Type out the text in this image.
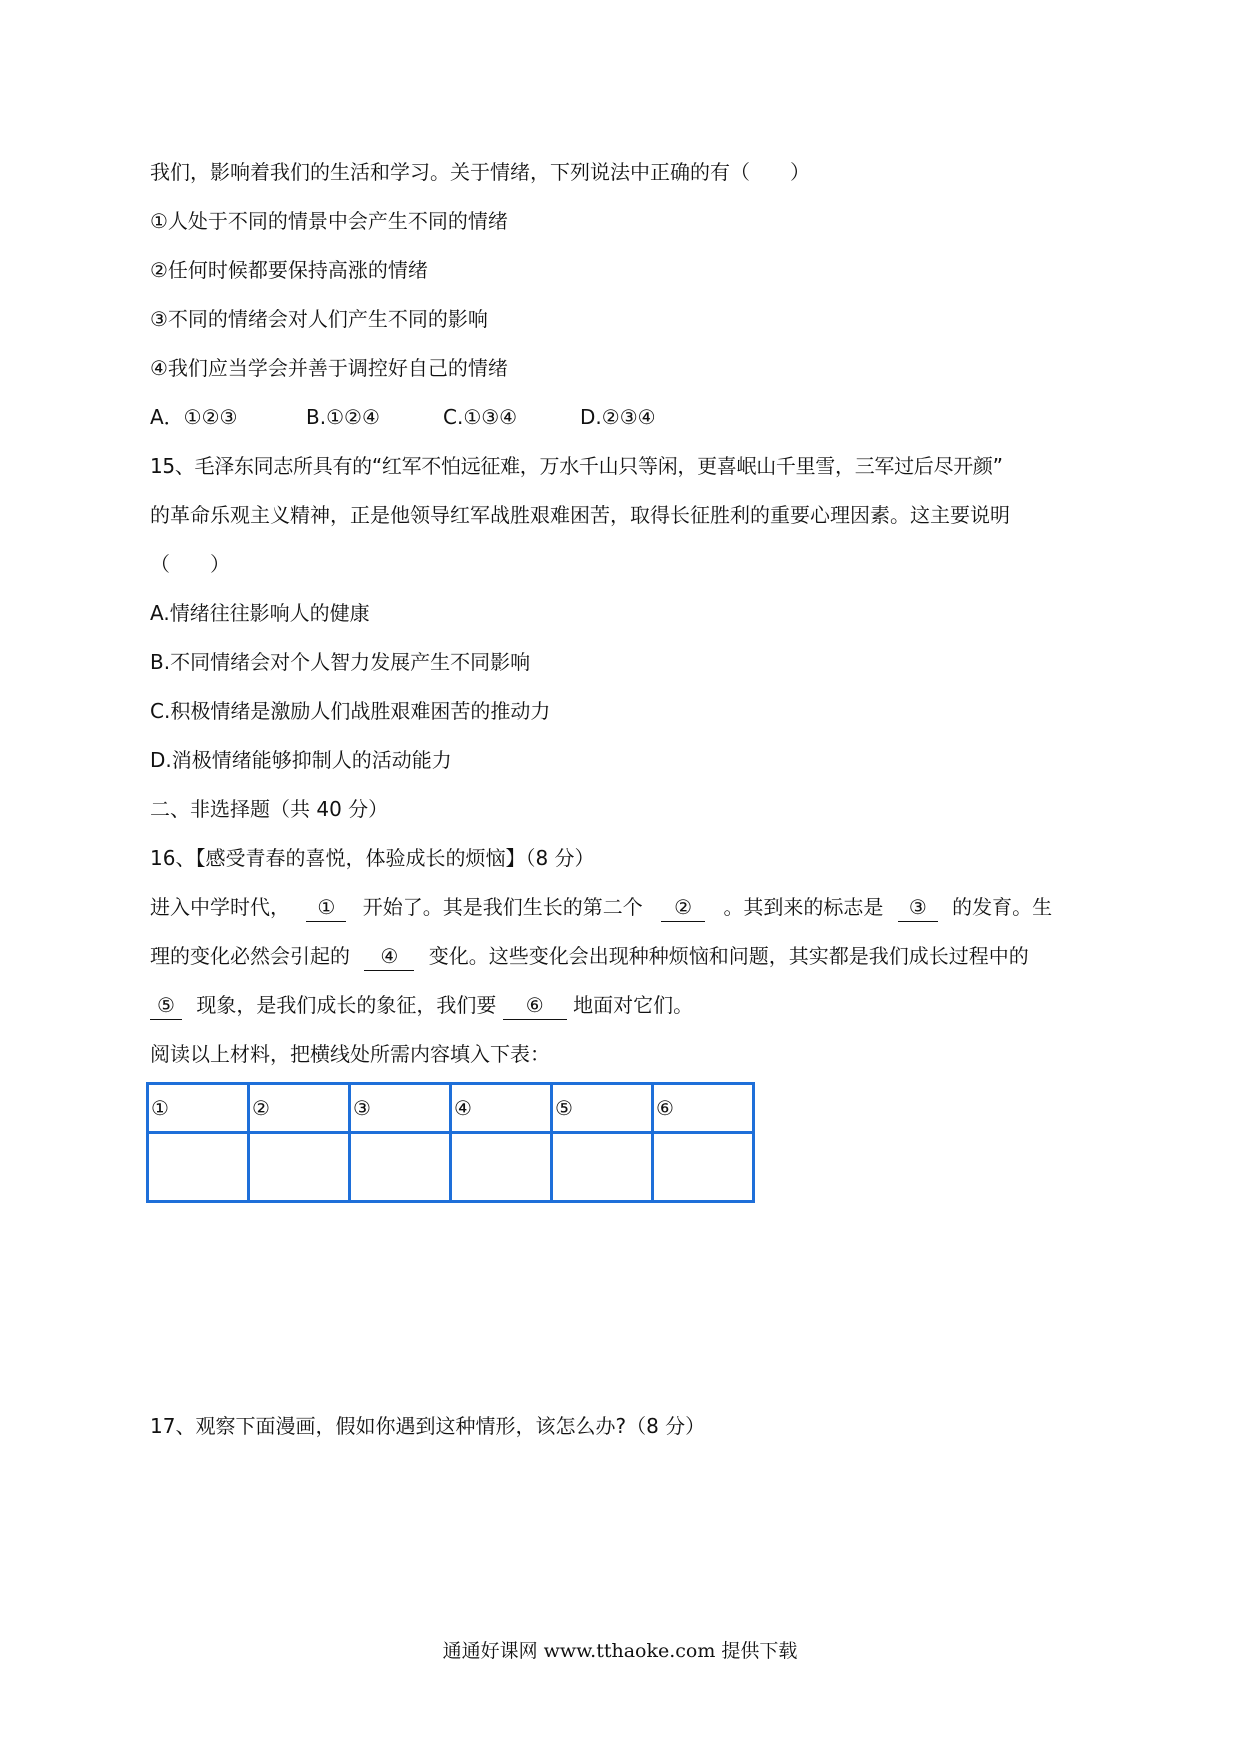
我们，影响着我们的生活和学习。关于情绪，下列说法中正确的有（　　）
①人处于不同的情景中会产生不同的情绪
②任何时候都要保持高涨的情绪
③不同的情绪会对人们产生不同的影响
④我们应当学会并善于调控好自己的情绪
A．①②③	B.①②④	C.①③④	D.②③④
15、毛泽东同志所具有的“红军不怕远征难，万水千山只等闲，更喜岷山千里雪，三军过后尽开颜”
的革命乐观主义精神，正是他领导红军战胜艰难困苦，取得长征胜利的重要心理因素。这主要说明
（　　）
A.情绪往往影响人的健康
B.不同情绪会对个人智力发展产生不同影响
C.积极情绪是激励人们战胜艰难困苦的推动力
D.消极情绪能够抑制人的活动能力
二、非选择题（共 40 分）
16、【感受青春的喜悦，体验成长的烦恼】（8 分）
进入中学时代， ① 开始了。其是我们生长的第二个 ② 。其到来的标志是 ③ 的发育。生
理的变化必然会引起的 ④ 变化。这些变化会出现种种烦恼和问题，其实都是我们成长过程中的
⑤ 现象，是我们成长的象征，我们要 ⑥ 地面对它们。
阅读以上材料，把横线处所需内容填入下表：
①	②	③	④	⑤	⑥

17、观察下面漫画，假如你遇到这种情形，该怎么办?（8 分）
通通好课网 www.tthaoke.com 提供下载
